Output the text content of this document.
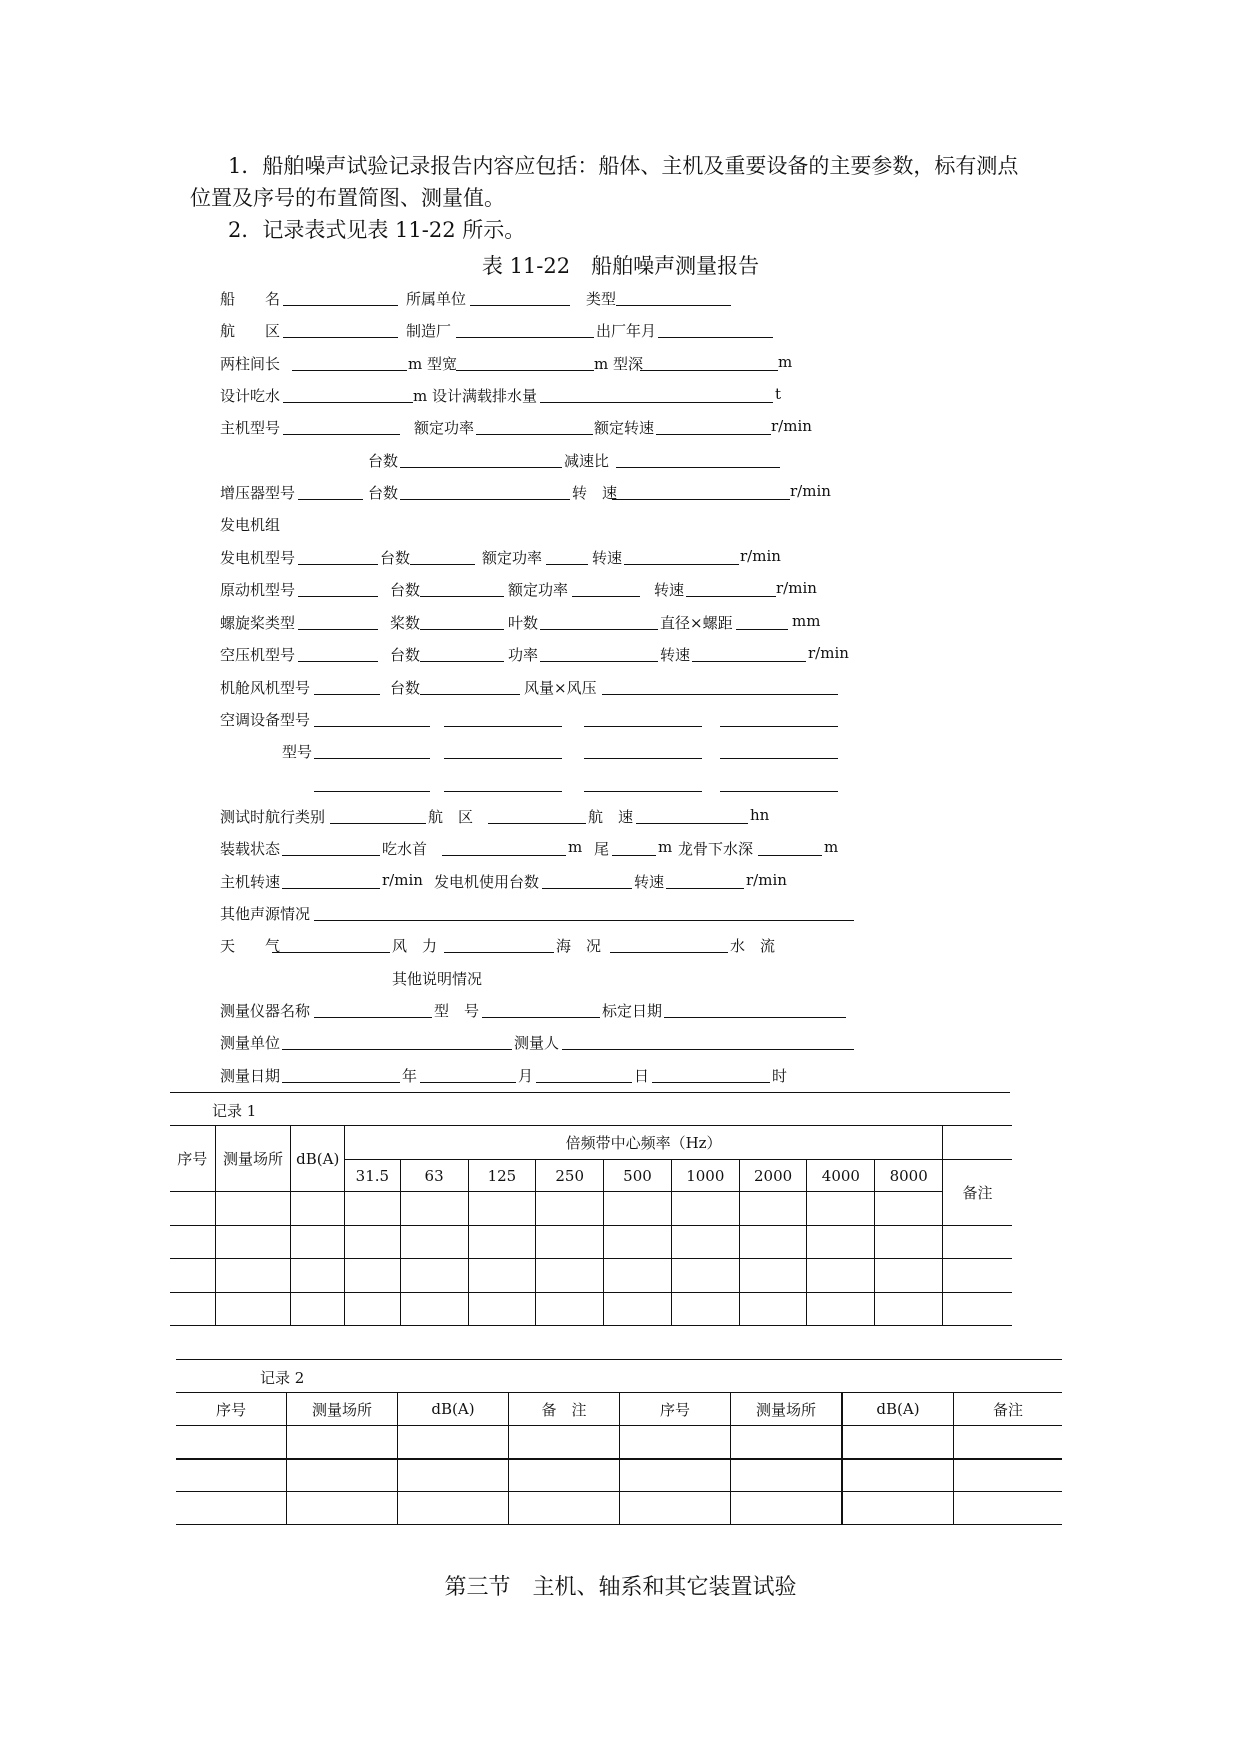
1．船舶噪声试验记录报告内容应包括：船体、主机及重要设备的主要参数，标有测点
位置及序号的布置简图、测量值。
2．记录表式见表 11-22 所示。
表 11-22　船舶噪声测量报告
船　　名	所属单位	类型
航　　区	制造厂	出厂年月
两柱间长	m 型宽	m 型深	m
设计吃水	m 设计满载排水量	t
主机型号	额定功率	额定转速	r/min
台数	减速比
增压器型号	台数	转　速	r/min
发电机组
发电机型号	台数	额定功率	转速	r/min
原动机型号	台数	额定功率	转速	r/min
螺旋桨类型	桨数	叶数	直径×螺距	mm
空压机型号	台数	功率	转速	r/min
机舱风机型号	台数	风量×风压
空调设备型号
型号
测试时航行类别	航　区	航　速	hn
装载状态	吃水首	m 尾	m 龙骨下水深	m
主机转速	r/min 发电机使用台数	转速	r/min
其他声源情况
天　　气	风　力	海　况	水　流
其他说明情况
测量仪器名称	型　号	标定日期
测量单位	测量人
测量日期	年	月	日	时
记录 1
序号	测量场所	dB(A)	倍频带中心频率（Hz）									
			31.5	63	125	250	500	1000	2000	4000	8000	备注

记录 2
序号	测量场所	dB(A)	备　注	序号	测量场所	dB(A)	备注

第三节　主机、轴系和其它装置试验
